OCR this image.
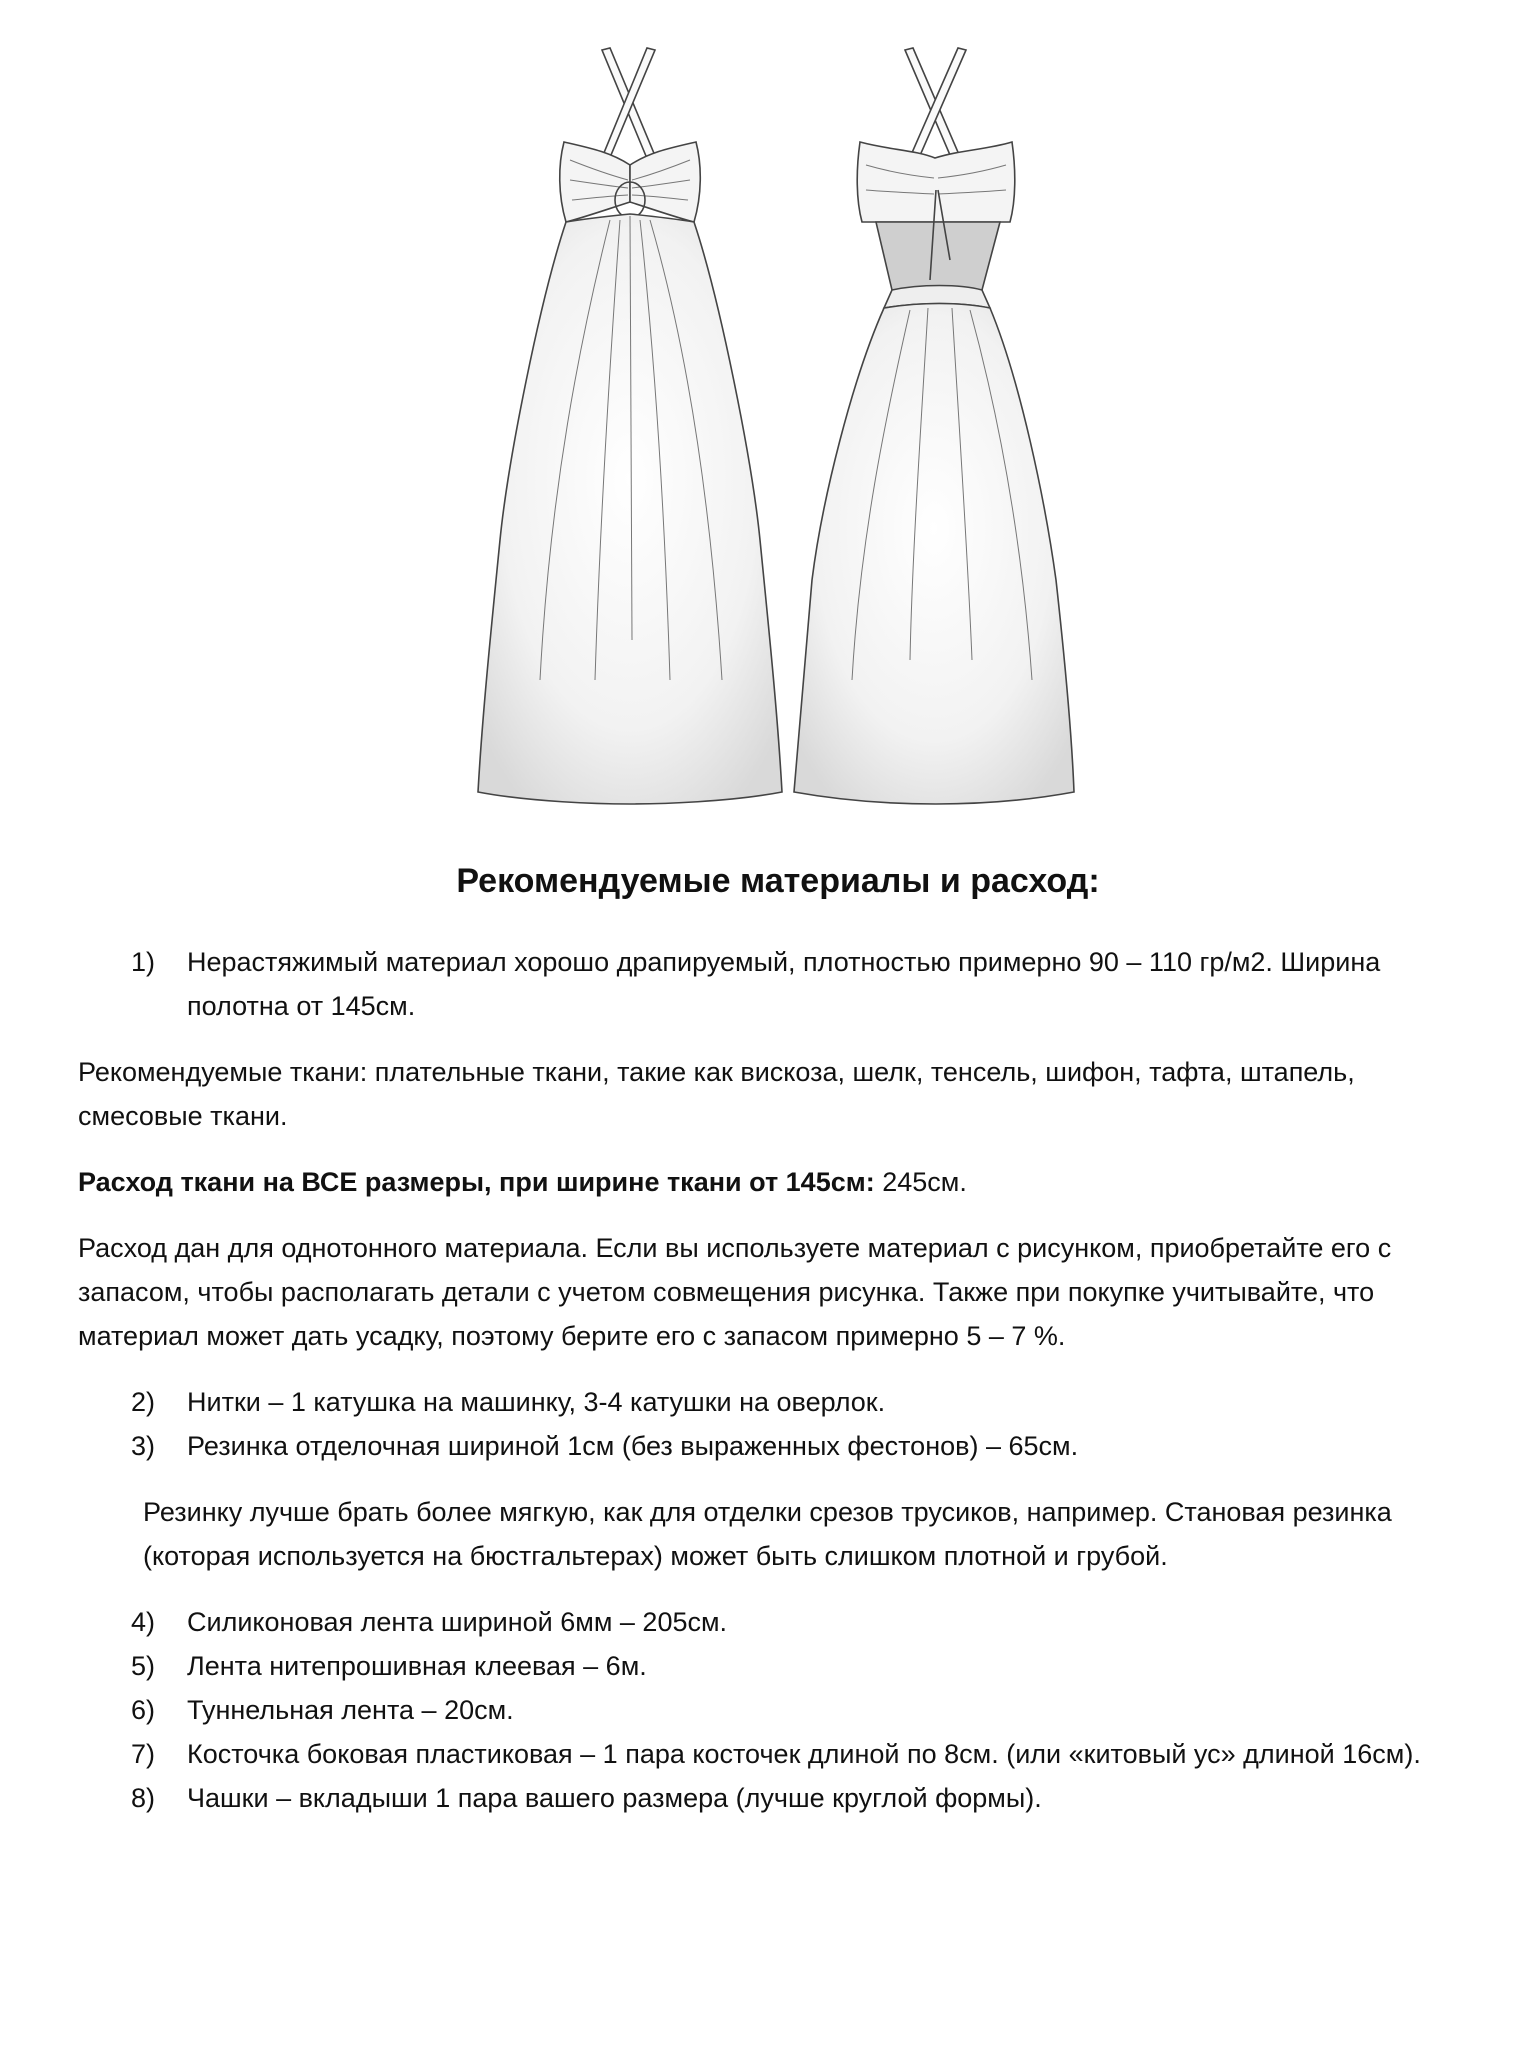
Рекомендуемые материалы и расход:
1) Нерастяжимый материал хорошо драпируемый, плотностью примерно 90 – 110 гр/м2. Ширина полотна от 145см.

Рекомендуемые ткани: плательные ткани, такие как вискоза, шелк, тенсель, шифон, тафта, штапель, смесовые ткани.

Расход ткани на ВСЕ размеры, при ширине ткани от 145см: 245см.

Расход дан для однотонного материала. Если вы используете материал с рисунком, приобретайте его с запасом, чтобы располагать детали с учетом совмещения рисунка. Также при покупке учитывайте, что материал может дать усадку, поэтому берите его с запасом примерно 5 – 7 %.

2) Нитки – 1 катушка на машинку, 3-4 катушки на оверлок.
3) Резинка отделочная шириной 1см (без выраженных фестонов) – 65см.

Резинку лучше брать более мягкую, как для отделки срезов трусиков, например. Становая резинка (которая используется на бюстгальтерах) может быть слишком плотной и грубой.

4) Силиконовая лента шириной 6мм – 205см.
5) Лента нитепрошивная клеевая – 6м.
6) Туннельная лента – 20см.
7) Косточка боковая пластиковая – 1 пара косточек длиной по 8см. (или «китовый ус» длиной 16см).
8) Чашки – вкладыши 1 пара вашего размера (лучше круглой формы).
